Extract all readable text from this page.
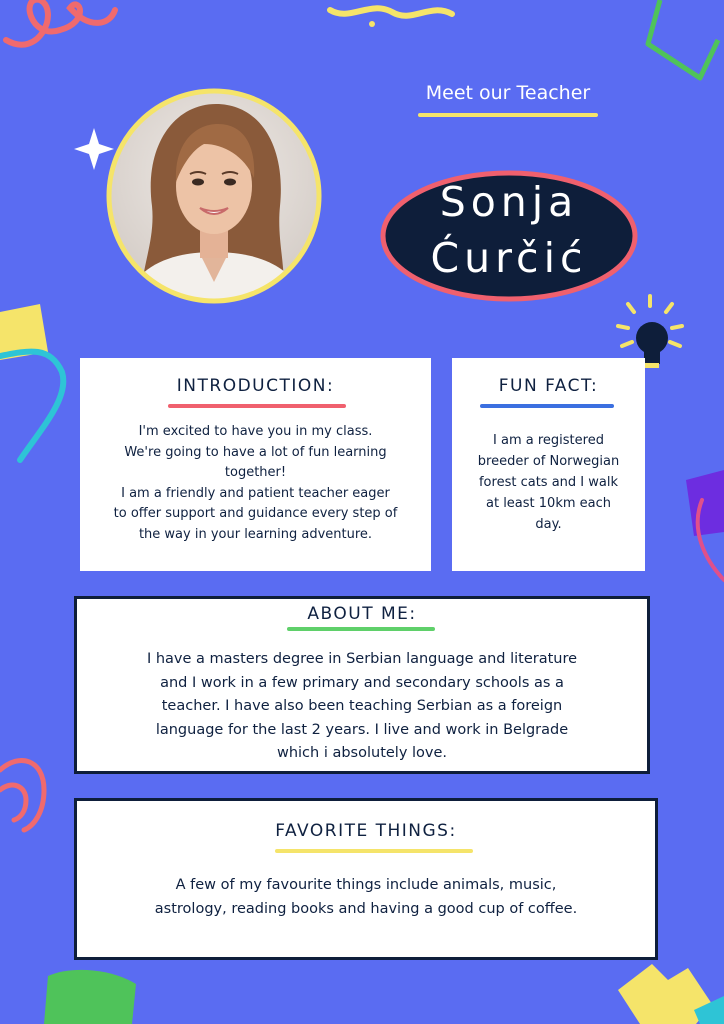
Meet our Teacher
Sonja
Ćurčić
INTRODUCTION:
I'm excited to have you in my class.
We're going to have a lot of fun learning
together!
I am a friendly and patient teacher eager
to offer support and guidance every step of
the way in your learning adventure.
FUN FACT:
I am a registered
breeder of Norwegian
forest cats and I walk
at least 10km each
day.
ABOUT ME:
I have a masters degree in Serbian language and literature
and I work in a few primary and secondary schools as a
teacher. I have also been teaching Serbian as a foreign
language for the last 2 years. I live and work in Belgrade
which i absolutely love.
FAVORITE THINGS:
A few of my favourite things include animals, music,
astrology, reading books and having a good cup of coffee.
